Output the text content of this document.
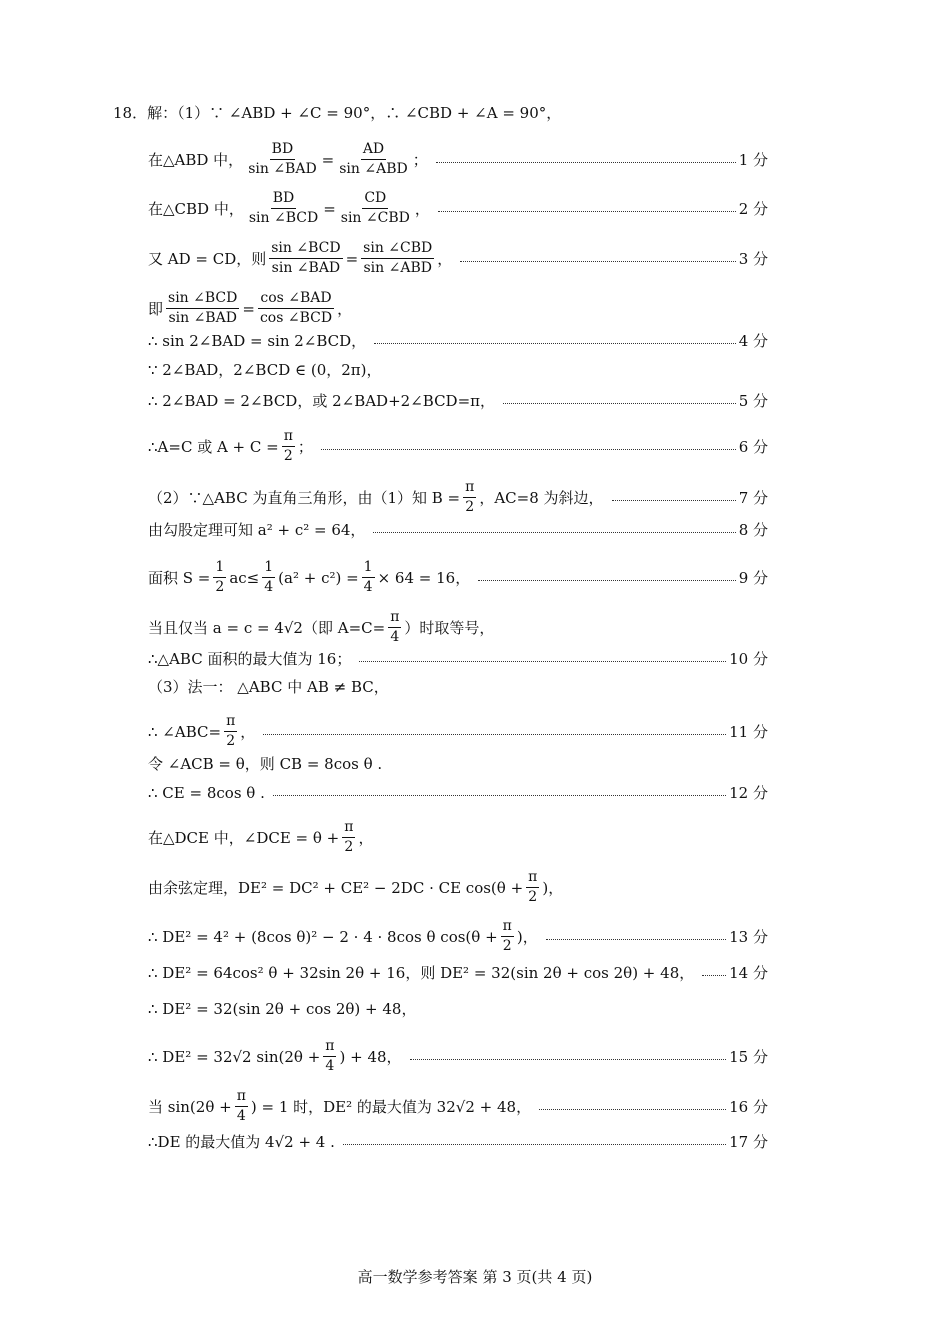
18．解：（1）∵ ∠ABD + ∠C = 90°，∴ ∠CBD + ∠A = 90°，
在△ABD 中， $\frac{BD}{\text{sin ∠BAD}} = \frac{AD}{\text{sin ∠ABD}}$ ；	1 分
在△CBD 中， $\frac{BD}{\text{sin ∠BCD}} = \frac{CD}{\text{sin ∠CBD}}$ ，	2 分
又 AD = CD，则 $\frac{\text{sin ∠BCD}}{\text{sin ∠BAD}} = \frac{\text{sin ∠CBD}}{\text{sin ∠ABD}}$ ，	3 分
即 $\frac{\text{sin ∠BCD}}{\text{sin ∠BAD}} = \frac{\text{cos ∠BAD}}{\text{cos ∠BCD}}$ ，
∴ sin 2∠BAD = sin 2∠BCD，	4 分
∵ 2∠BAD，2∠BCD ∈ (0，2π)，
∴ 2∠BAD = 2∠BCD，或 2∠BAD+2∠BCD=π，	5 分
∴A=C 或 $A + C = \frac{\pi}{2}$ ；	6 分
（2）∵△ABC 为直角三角形，由（1）知 $B = \frac{\pi}{2}$ ，AC=8 为斜边，	7 分
由勾股定理可知 a² + c² = 64，	8 分
面积 $S = \frac{1}{2} ac\le \frac{1}{4} (a^2 + c^2) = \frac{1}{4} \times 64 = 16$，	9 分
当且仅当 a = c = 4√2（即 $A=C= \frac{\pi}{4}$ ）时取等号，
∴△ABC 面积的最大值为 16；	10 分
（3）法一： △ABC 中 AB ≠ BC，
∴ ∠ABC= $\frac{\pi}{2}$ ，	11 分
令 ∠ACB = θ，则 CB = 8cos θ .
∴ CE = 8cos θ .	12 分
在△DCE 中，∠DCE = $\theta + \frac{\pi}{2}$ ，
由余弦定理，DE² = DC² + CE² − 2DC · CE $\cos(\theta + \frac{\pi}{2}$ )，
∴ DE² = 4² + (8cos θ)² − 2 · 4 · 8cos θ $\cos(\theta + \frac{\pi}{2}$ )，	13 分
∴ DE² = 64cos² θ + 32sin 2θ + 16，则 DE² = 32(sin 2θ + cos 2θ) + 48， 14 分
∴ DE² = 32(sin 2θ + cos 2θ) + 48，
∴ DE² = 32√2 $\sin(2\theta + \frac{\pi}{4}$ ) + 48，	15 分
当 $\sin(2\theta + \frac{\pi}{4}$ ) = 1 时，DE² 的最大值为 32√2 + 48，	16 分
∴DE 的最大值为 4√2 + 4 .	17 分
高一数学参考答案 第 3 页(共 4 页)
